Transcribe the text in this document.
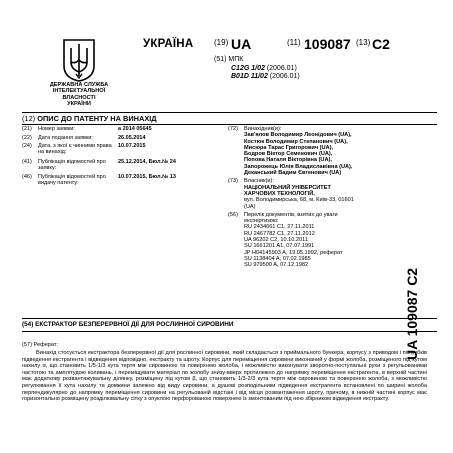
ДЕРЖАВНА СЛУЖБА
ІНТЕЛЕКТУАЛЬНОЇ
ВЛАСНОСТІ
УКРАЇНИ
УКРАЇНА	(19) UA	(11) 109087 (13) C2
(51) МПК
C12G 1/02 (2006.01)
B01D 11/02 (2006.01)
(12) ОПИС ДО ПАТЕНТУ НА ВИНАХІД
(21)	Номер заявки:	a 2014 05645
(22)	Дата подання заявки:	26.05.2014
(24)	Дата, з якої є чинними права на винахід:
10.07.2015
(41)	Публікація відомостей про заявку:
25.12.2014, Бюл.№ 24
(46)	Публікація відомостей про видачу патенту:
10.07.2015, Бюл.№ 13
(72)	Винахідник(и):
Зав'ялов Володимир Леонідович (UA),
Костюк Володимир Степанович (UA),
Мисюра Тарас Григорович (UA),
Бодров Віктор Семенович (UA),
Попова Наталя Вікторівна (UA),
Запорожець Юлія Владиславівна (UA),
Деканський Вадим Євгенович (UA)
(73)	Власник(и):
НАЦІОНАЛЬНИЙ УНІВЕРСИТЕТ
ХАРЧОВИХ ТЕХНОЛОГІЙ,
вул. Володимирська, 68, м. Київ-33, 01601
(UA)
(56)	Перелік документів, взятих до уваги
експертизою:
RU 2434661 C1, 27.11.2011
RU 2467782 C1, 27.11.2012
UA 96202 C2, 10.10.2011
SU 1661201 A1, 07.07.1991
JP H04145903 A, 19.05.1992, реферат
SU 1138404 A, 07.02.1985
SU 979500 A, 07.12.1982
UA 109087 C2
(54) ЕКСТРАКТОР БЕЗПЕРЕРВНОЇ ДІЇ ДЛЯ РОСЛИННОЇ СИРОВИНИ
(57) Реферат:
Винахід стосується екстрактора безперервної дії для рослинної сировини, який складається з приймального бункера, корпусу з приводом і патрубків підведення екстрагента і відведення відповідно, екстракту та шроту. Корпус для переміщення сировини виконаний у формі жолоба, розміщеного під кутом нахилу α, що становить 1/5-1/3 кута тертя між сировиною та поверхнею жолоба, і можливістю виконувати зворотно-поступальні рухи з регульованими частотою та амплітудою коливань, і переміщувати матеріал по жолобу знизу-вверх протилежно до напрямку переміщення екстрагента, в верхній частині має додаткову розвантажувальну ділянку, розміщену під кутом β, що становить 1/3-2/3 кута тертя між сировиною та поверхнею жолоба, з можливістю регулювання її кута нахилу та довжини залежно від виду сировини, а душові розподільники підведення екстрагента встановлені по ширині жолоба перпендикулярно до напрямку переміщення сировини на регульованій відстані і від місця розвантаження шроту, причому, в нижній частині корпус має горизонтально розміщену розділювальну сітку з опуклою перфорованою поверхнею із змонтованим під нею збірником відведення екстракту.
